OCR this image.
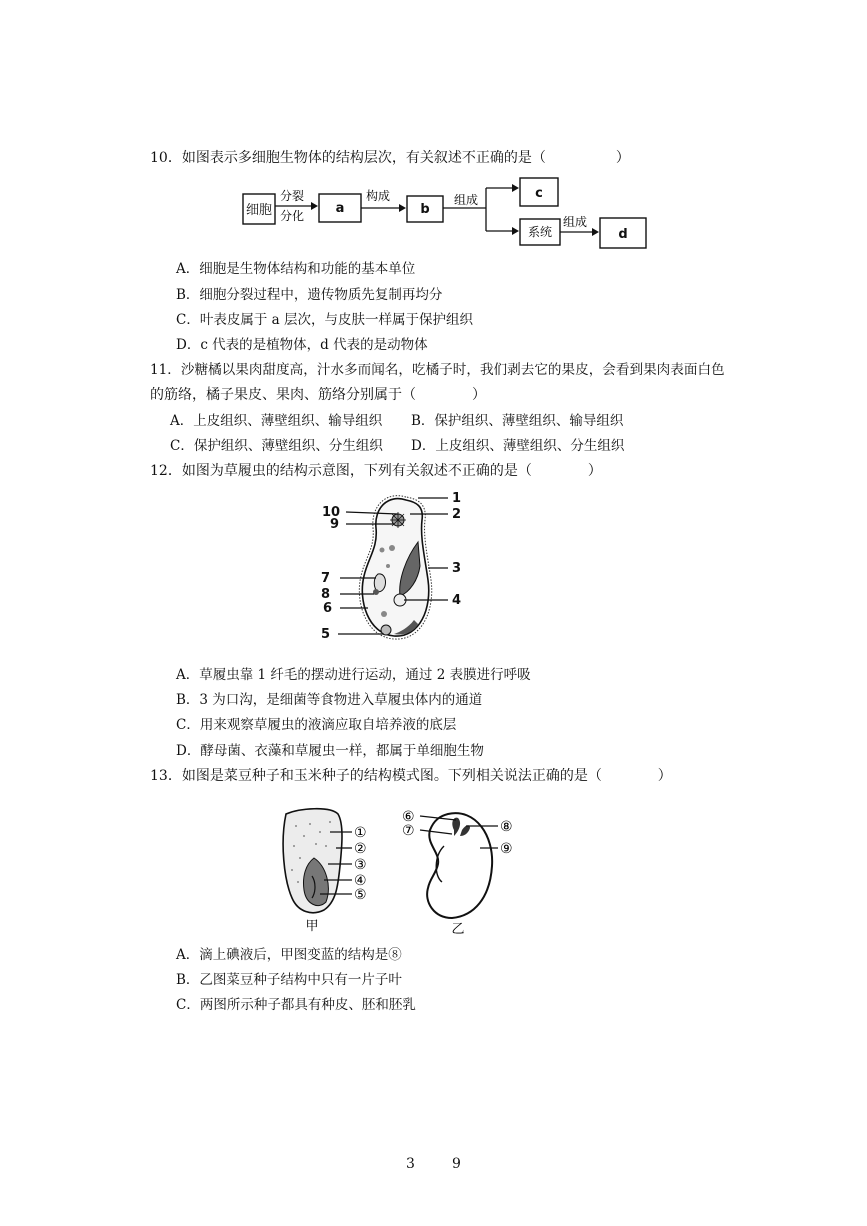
10．如图表示多细胞生物体的结构层次，有关叙述不正确的是（　　　　　）
细胞
分裂
分化 a
构成
b
组成	c
系统
组成
d
A．细胞是生物体结构和功能的基本单位
B．细胞分裂过程中，遗传物质先复制再均分
C．叶表皮属于 a 层次，与皮肤一样属于保护组织
D．c 代表的是植物体，d 代表的是动物体
11．沙糖橘以果肉甜度高，汁水多而闻名，吃橘子时，我们剥去它的果皮，会看到果肉表面白色
的筋络，橘子果皮、果肉、筋络分别属于（　　　　）
A．上皮组织、薄壁组织、输导组织 B．保护组织、薄壁组织、输导组织
C．保护组织、薄壁组织、分生组织 D．上皮组织、薄壁组织、分生组织
12．如图为草履虫的结构示意图，下列有关叙述不正确的是（　　　　）
1
2
3
4
5
6
7
8
9
10
A．草履虫靠 1 纤毛的摆动进行运动，通过 2 表膜进行呼吸
B．3 为口沟，是细菌等食物进入草履虫体内的通道
C．用来观察草履虫的液滴应取自培养液的底层
D．酵母菌、衣藻和草履虫一样，都属于单细胞生物
13．如图是菜豆种子和玉米种子的结构模式图。下列相关说法正确的是（　　　　）
①
②
③
④
⑤
甲
⑥
⑦	⑧
⑨
乙
A．滴上碘液后，甲图变蓝的结构是⑧
B．乙图菜豆种子结构中只有一片子叶
C．两图所示种子都具有种皮、胚和胚乳
3	9
